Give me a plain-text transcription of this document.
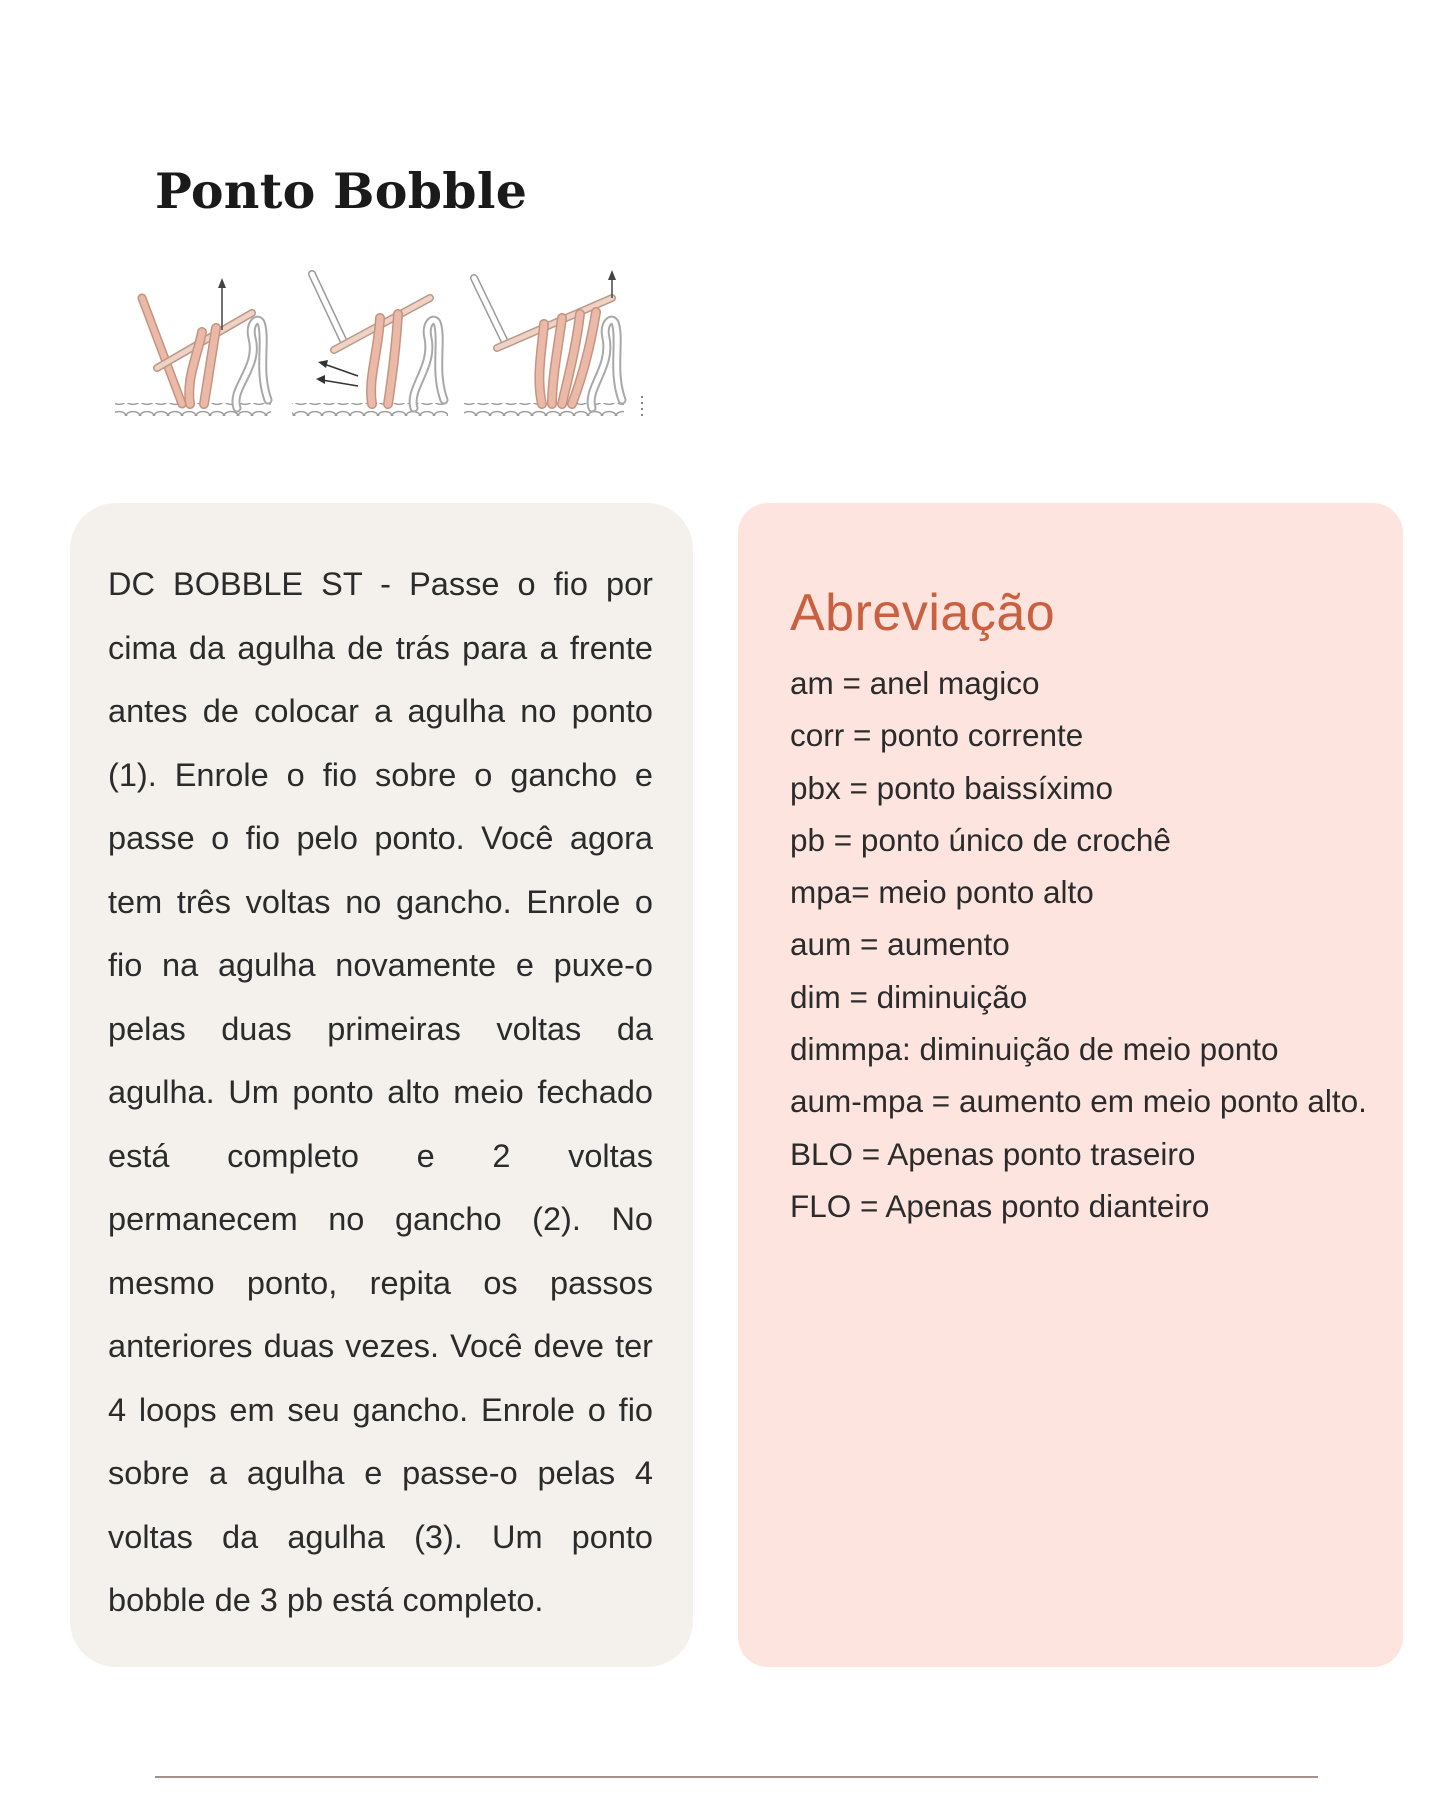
Ponto Bobble

DC BOBBLE ST - Passe o fio por cima da agulha de trás para a frente antes de colocar a agulha no ponto (1). Enrole o fio sobre o gancho e passe o fio pelo ponto. Você agora tem três voltas no gancho. Enrole o fio na agulha novamente e puxe-o pelas duas primeiras voltas da agulha. Um ponto alto meio fechado está completo e 2 voltas permanecem no gancho (2). No mesmo ponto, repita os passos anteriores duas vezes. Você deve ter 4 loops em seu gancho. Enrole o fio sobre a agulha e passe-o pelas 4 voltas da agulha (3). Um ponto bobble de 3 pb está completo.

Abreviação
am = anel magico
corr = ponto corrente
pbx = ponto baissíximo
pb = ponto único de crochê
mpa= meio ponto alto
aum = aumento
dim = diminuição
dimmpa: diminuição de meio ponto
aum-mpa = aumento em meio ponto alto.
BLO = Apenas ponto traseiro
FLO = Apenas ponto dianteiro
